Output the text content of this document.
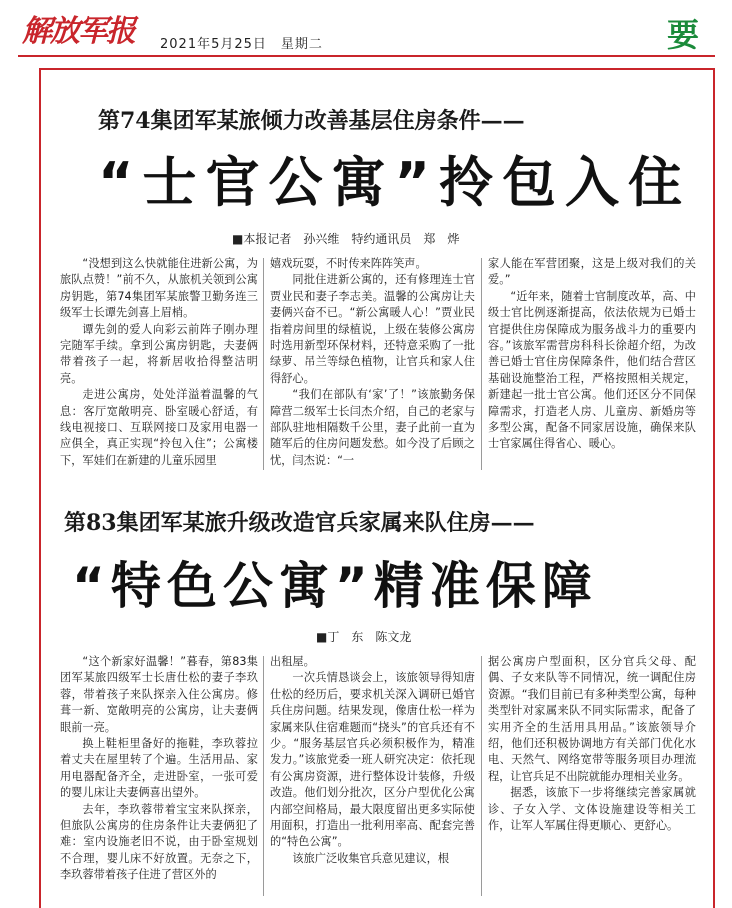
解放军报 2021年5月25日　星期二	要
第74集团军某旅倾力改善基层住房条件——
“士官公寓”拎包入住
■本报记者　孙兴维　特约通讯员　郑　烨

“没想到这么快就能住进新公寓，为旅队点赞！”前不久，从旅机关领到公寓房钥匙，第74集团军某旅警卫勤务连三级军士长谭先剑喜上眉梢。

谭先剑的爱人向彩云前阵子刚办理完随军手续。拿到公寓房钥匙，夫妻俩带着孩子一起，将新居收拾得整洁明亮。

走进公寓房，处处洋溢着温馨的气息：客厅宽敞明亮、卧室暖心舒适，有线电视接口、互联网接口及家用电器一应俱全，真正实现“拎包入住”；公寓楼下，军娃们在新建的儿童乐园里

嬉戏玩耍，不时传来阵阵笑声。

同批住进新公寓的，还有修理连士官贾业民和妻子李志美。温馨的公寓房让夫妻俩兴奋不已。“新公寓暖人心！”贾业民指着房间里的绿植说，上级在装修公寓房时选用新型环保材料，还特意采购了一批绿萝、吊兰等绿色植物，让官兵和家人住得舒心。

“我们在部队有‘家’了！”该旅勤务保障营二级军士长闫杰介绍，自己的老家与部队驻地相隔数千公里，妻子此前一直为随军后的住房问题发愁。如今没了后顾之忧，闫杰说：“一

家人能在军营团聚，这是上级对我们的关爱。”

“近年来，随着士官制度改革，高、中级士官比例逐渐提高，依法依规为已婚士官提供住房保障成为服务战斗力的重要内容。”该旅军需营房科科长徐超介绍，为改善已婚士官住房保障条件，他们结合营区基础设施整治工程，严格按照相关规定，新建起一批士官公寓。他们还区分不同保障需求，打造老人房、儿童房、新婚房等多型公寓，配备不同家居设施，确保来队士官家属住得省心、暖心。

第83集团军某旅升级改造官兵家属来队住房——
“特色公寓”精准保障
■丁　东　陈文龙

“这个新家好温馨！”暮春，第83集团军某旅四级军士长唐仕松的妻子李玖蓉，带着孩子来队探亲入住公寓房。修葺一新、宽敞明亮的公寓房，让夫妻俩眼前一亮。

换上鞋柜里备好的拖鞋，李玖蓉拉着丈夫在屋里转了个遍。生活用品、家用电器配备齐全，走进卧室，一张可爱的婴儿床让夫妻俩喜出望外。

去年，李玖蓉带着宝宝来队探亲，但旅队公寓房的住房条件让夫妻俩犯了难：室内设施老旧不说，由于卧室规划不合理，婴儿床不好放置。无奈之下，李玖蓉带着孩子住进了营区外的

出租屋。

一次兵情恳谈会上，该旅领导得知唐仕松的经历后，要求机关深入调研已婚官兵住房问题。结果发现，像唐仕松一样为家属来队住宿难题而“挠头”的官兵还有不少。“服务基层官兵必须积极作为，精准发力。”该旅党委一班人研究决定：依托现有公寓房资源，进行整体设计装修，升级改造。他们划分批次，区分户型优化公寓内部空间格局，最大限度留出更多实际使用面积，打造出一批利用率高、配套完善的“特色公寓”。

该旅广泛收集官兵意见建议，根

据公寓房户型面积，区分官兵父母、配偶、子女来队等不同情况，统一调配住房资源。“我们目前已有多种类型公寓，每种类型针对家属来队不同实际需求，配备了实用齐全的生活用具用品。”该旅领导介绍，他们还积极协调地方有关部门优化水电、天然气、网络宽带等服务项目办理流程，让官兵足不出院就能办理相关业务。

据悉，该旅下一步将继续完善家属就诊、子女入学、文体设施建设等相关工作，让军人军属住得更顺心、更舒心。
